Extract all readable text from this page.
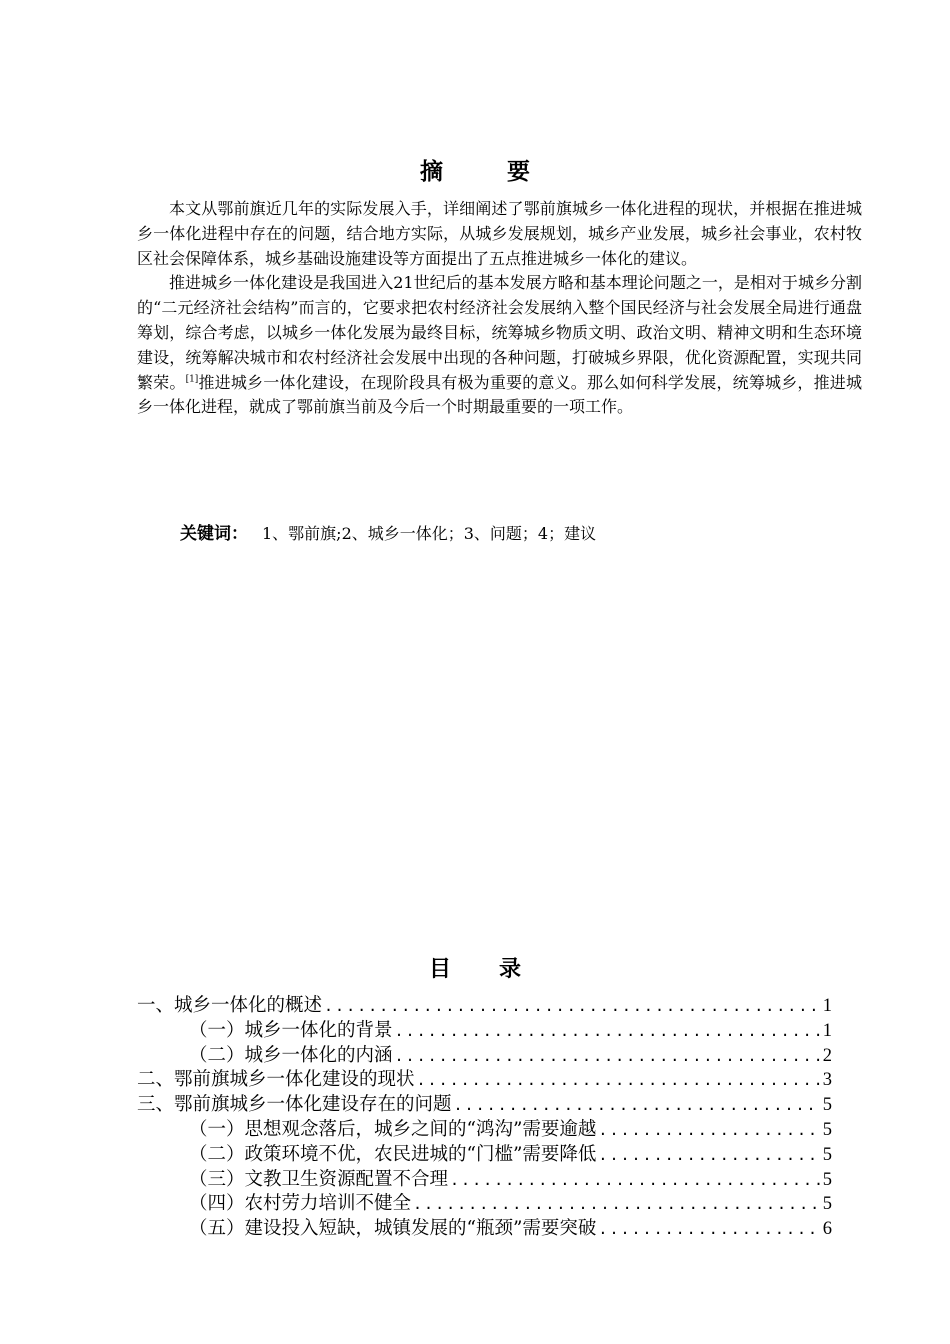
摘要

本文从鄂前旗近几年的实际发展入手，详细阐述了鄂前旗城乡一体化进程的现状，并根据在推进城乡一体化进程中存在的问题，结合地方实际，从城乡发展规划，城乡产业发展，城乡社会事业，农村牧区社会保障体系，城乡基础设施建设等方面提出了五点推进城乡一体化的建议。

推进城乡一体化建设是我国进入21世纪后的基本发展方略和基本理论问题之一，是相对于城乡分割的“二元经济社会结构”而言的，它要求把农村经济社会发展纳入整个国民经济与社会发展全局进行通盘筹划，综合考虑，以城乡一体化发展为最终目标，统筹城乡物质文明、政治文明、精神文明和生态环境建设，统筹解决城市和农村经济社会发展中出现的各种问题，打破城乡界限，优化资源配置，实现共同繁荣。[1]推进城乡一体化建设，在现阶段具有极为重要的意义。那么如何科学发展，统筹城乡，推进城乡一体化进程，就成了鄂前旗当前及今后一个时期最重要的一项工作。

关键词： 1、鄂前旗;2、城乡一体化；3、问题；4；建议
目录
一、城乡一体化的概述 .....	1
（一）城乡一体化的背景 .....	1
（二）城乡一体化的内涵 .....	2
二、鄂前旗城乡一体化建设的现状 .....	3
三、鄂前旗城乡一体化建设存在的问题 .....	5
（一）思想观念落后，城乡之间的“鸿沟”需要逾越 .....	5
（二）政策环境不优，农民进城的“门槛”需要降低 .....	5
（三）文教卫生资源配置不合理 .....	5
（四）农村劳力培训不健全 .....	5
（五）建设投入短缺，城镇发展的“瓶颈”需要突破 .....	6
